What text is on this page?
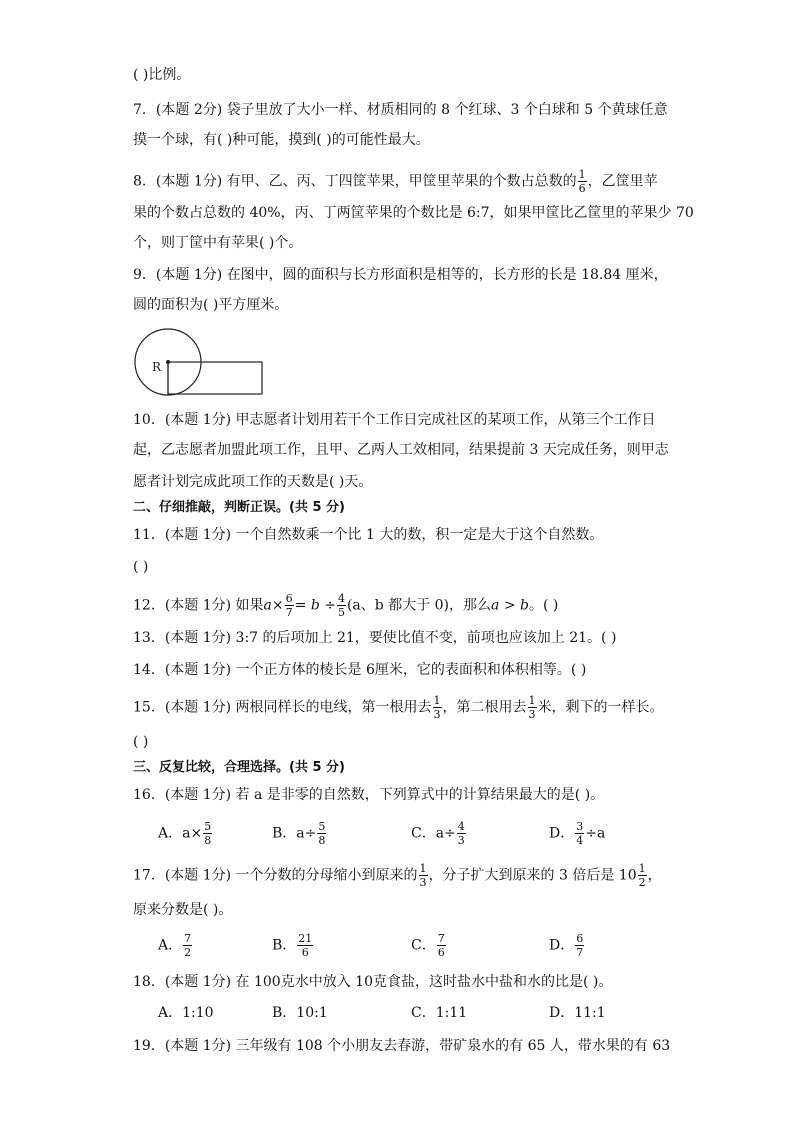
( )比例。
7．(本题 2分) 袋子里放了大小一样、材质相同的 8 个红球、3 个白球和 5 个黄球任意
摸一个球，有( )种可能，摸到( )的可能性最大。
8．(本题 1分) 有甲、乙、丙、丁四筐苹果，甲筐里苹果的个数占总数的 $\frac{1}{6}$ ，乙筐里苹
果的个数占总数的 40%，丙、丁两筐苹果的个数比是 6:7，如果甲筐比乙筐里的苹果少 70
个，则丁筐中有苹果( )个。
9．(本题 1分) 在图中，圆的面积与长方形面积是相等的，长方形的长是 18.84 厘米，
圆的面积为( )平方厘米。
R
10．(本题 1分) 甲志愿者计划用若干个工作日完成社区的某项工作，从第三个工作日
起，乙志愿者加盟此项工作，且甲、乙两人工效相同，结果提前 3 天完成任务，则甲志
愿者计划完成此项工作的天数是( )天。
二、仔细推敲，判断正误。(共 5 分)
11．(本题 1分) 一个自然数乘一个比 1 大的数，积一定是大于这个自然数。
( )
12．(本题 1分) 如果$a\times \frac{6}{7} = b \div \frac{4}{5} (a$、b 都大于 0)，那么a > b。( )
13．(本题 1分) 3:7 的后项加上 21，要使比值不变，前项也应该加上 21。( )
14．(本题 1分) 一个正方体的棱长是 6厘米，它的表面积和体积相等。( )
15．(本题 1分) 两根同样长的电线，第一根用去 $\frac{1}{3}$ ，第二根用去 $\frac{1}{3}$ 米，剩下的一样长。
( )
三、反复比较，合理选择。(共 5 分)
16．(本题 1分) 若 a 是非零的自然数，下列算式中的计算结果最大的是( )。
A．$a\times \frac{5}{8}$	B．$a\div \frac{5}{8}$	C．$a\div \frac{4}{3}$	D． $\frac{3}{4} \div a$
17．(本题 1分) 一个分数的分母缩小到原来的 $\frac{1}{3}$ ，分子扩大到原来的 3 倍后是 $10 \frac{1}{2}$ ，
原来分数是( )。
A． $\frac{7}{2}$	B． $\frac{21}{6}$	C． $\frac{7}{6}$	D． $\frac{6}{7}$
18．(本题 1分) 在 100克水中放入 10克食盐，这时盐水中盐和水的比是( )。
A．1:10	B．10:1	C．1:11	D．11:1
19．(本题 1分) 三年级有 108 个小朋友去春游，带矿泉水的有 65 人，带水果的有 63
